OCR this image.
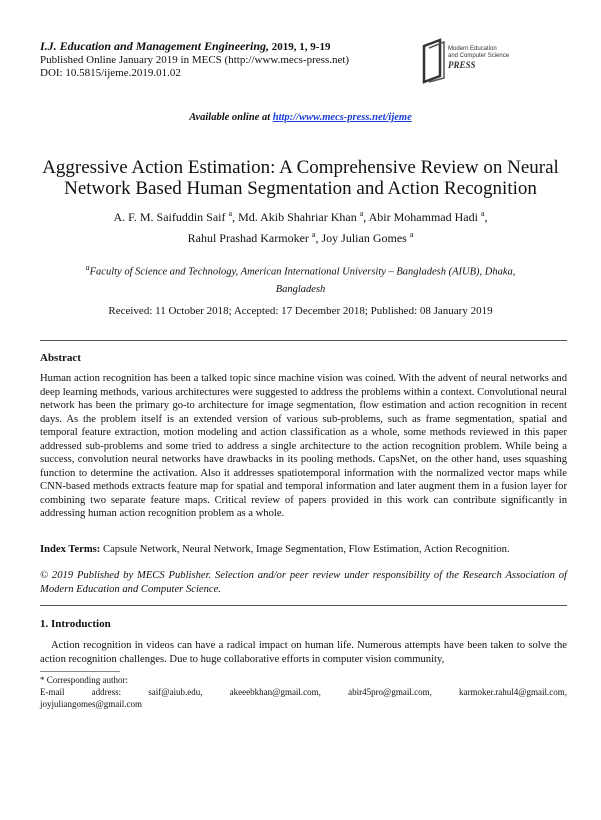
I.J. Education and Management Engineering, 2019, 1, 9-19
Published Online January 2019 in MECS (http://www.mecs-press.net)
DOI: 10.5815/ijeme.2019.01.02
Modern Education
and Computer Science
PRESS
Available online at http://www.mecs-press.net/ijeme
Aggressive Action Estimation: A Comprehensive Review on Neural Network Based Human Segmentation and Action Recognition
A. F. M. Saifuddin Saif $^a$, Md. Akib Shahriar Khan $^a$, Abir Mohammad Hadi $^a$,
Rahul Prashad Karmoker $^a$, Joy Julian Gomes $^a$
$^a$Faculty of Science and Technology, American International University – Bangladesh (AIUB), Dhaka, Bangladesh
Received: 11 October 2018; Accepted: 17 December 2018; Published: 08 January 2019
Abstract
Human action recognition has been a talked topic since machine vision was coined. With the advent of neural networks and deep learning methods, various architectures were suggested to address the problems within a context. Convolutional neural network has been the primary go-to architecture for image segmentation, flow estimation and action recognition in recent days. As the problem itself is an extended version of various sub-problems, such as frame segmentation, spatial and temporal feature extraction, motion modeling and action classification as a whole, some methods reviewed in this paper addressed sub-problems and some tried to address a single architecture to the action recognition problem. While being a success, convolution neural networks have drawbacks in its pooling methods. CapsNet, on the other hand, uses squashing function to determine the activation. Also it addresses spatiotemporal information with the normalized vector maps while CNN-based methods extracts feature map for spatial and temporal information and later augment them in a fusion layer for combining two separate feature maps. Critical review of papers provided in this work can contribute significantly in addressing human action recognition problem as a whole.
Index Terms: Capsule Network, Neural Network, Image Segmentation, Flow Estimation, Action Recognition.
© 2019 Published by MECS Publisher. Selection and/or peer review under responsibility of the Research Association of Modern Education and Computer Science.
1. Introduction
Action recognition in videos can have a radical impact on human life. Numerous attempts have been taken to solve the action recognition challenges. Due to huge collaborative efforts in computer vision community,
* Corresponding author:
E-mail address:	saif@aiub.edu, akeeebkhan@gmail.com, abir45pro@gmail.com, karmoker.rahul4@gmail.com, joyjuliangomes@gmail.com
